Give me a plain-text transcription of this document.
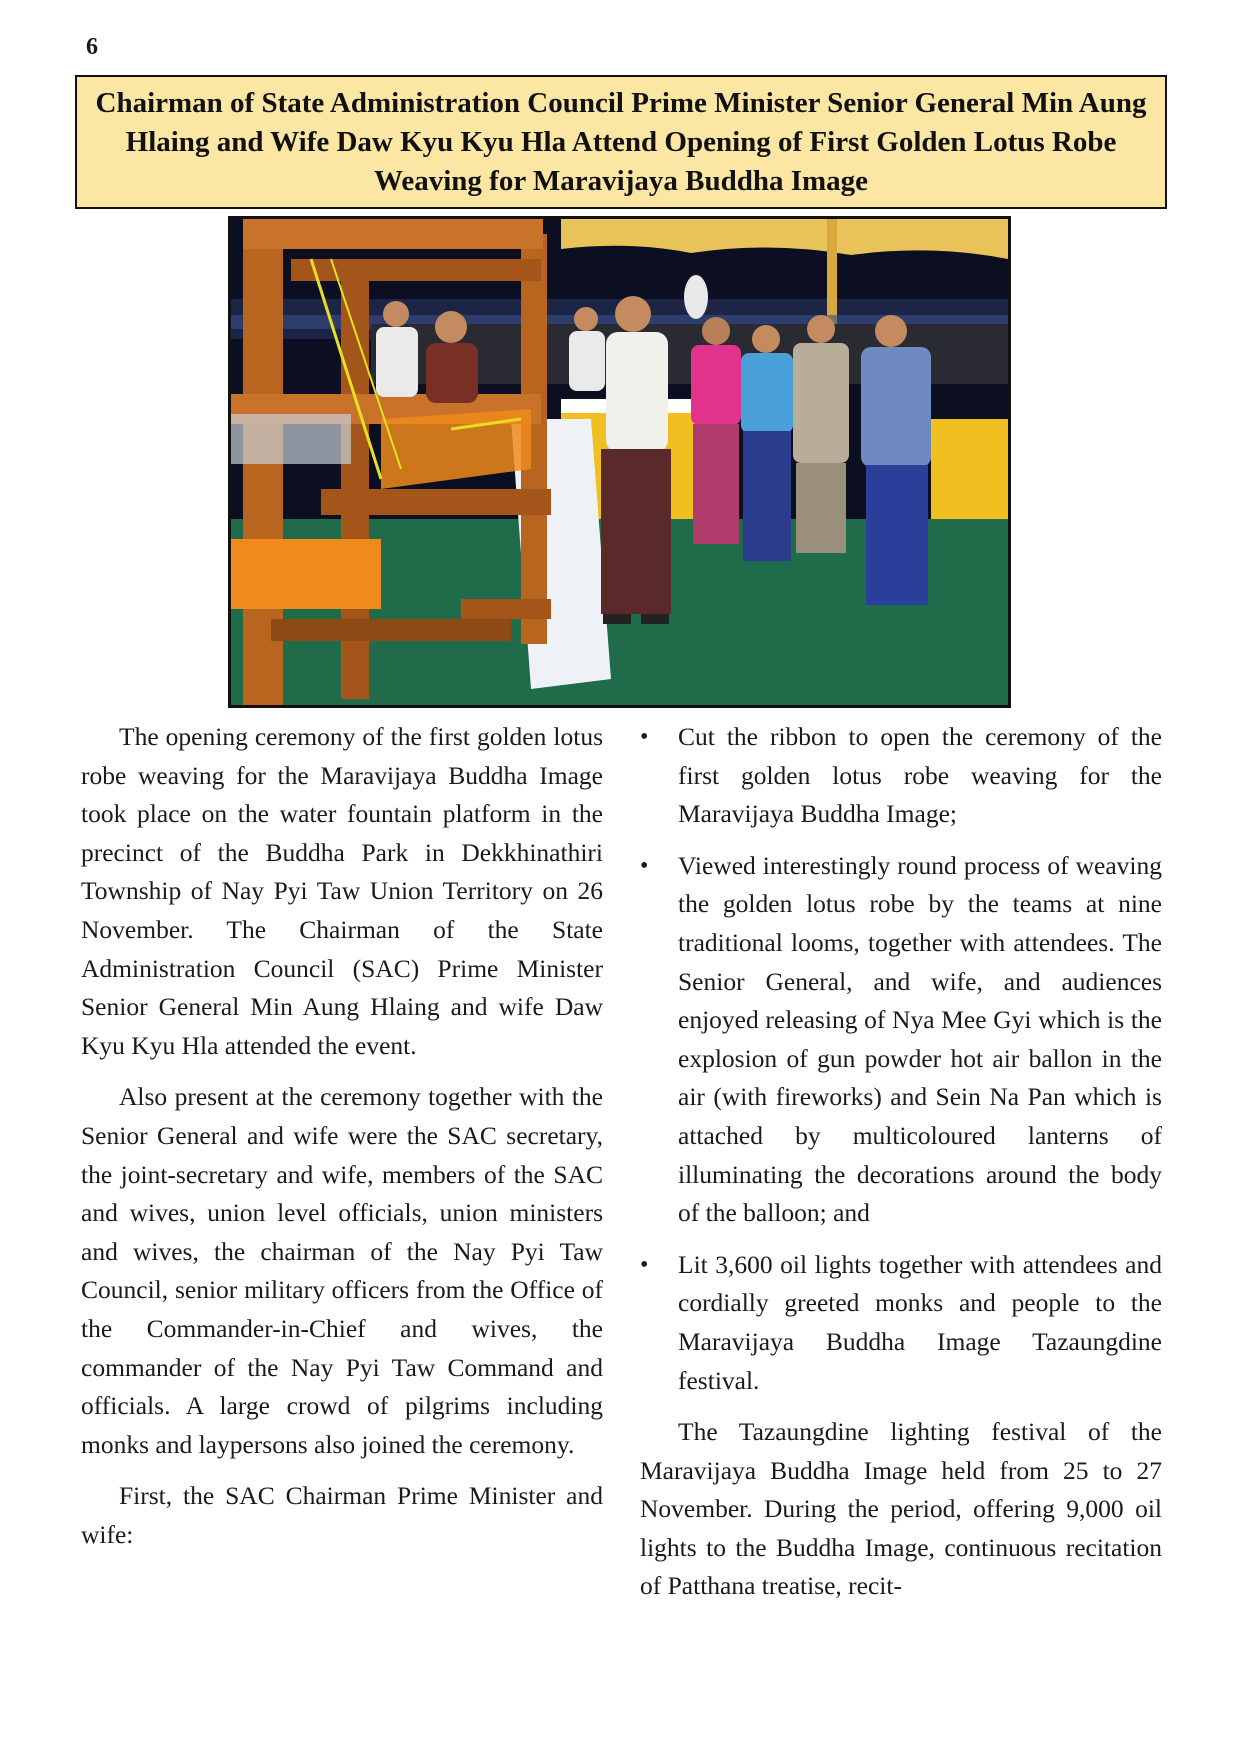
6
Chairman of State Administration Council Prime Minister Senior General Min Aung Hlaing and Wife Daw Kyu Kyu Hla Attend Opening of First Golden Lotus Robe Weaving for Maravijaya Buddha Image

The opening ceremony of the first golden lotus robe weaving for the Maravijaya Buddha Image took place on the water fountain platform in the precinct of the Buddha Park in Dekkhinathiri Township of Nay Pyi Taw Union Territory on 26 November. The Chairman of the State Administration Council (SAC) Prime Minister Senior General Min Aung Hlaing and wife Daw Kyu Kyu Hla attended the event.

Also present at the ceremony together with the Senior General and wife were the SAC secretary, the joint-secretary and wife, members of the SAC and wives, union level officials, union ministers and wives, the chairman of the Nay Pyi Taw Council, senior military officers from the Office of the Commander-in-Chief and wives, the commander of the Nay Pyi Taw Command and officials. A large crowd of pilgrims including monks and laypersons also joined the ceremony.

First, the SAC Chairman Prime Minister and wife:

• Cut the ribbon to open the ceremony of the first golden lotus robe weaving for the Maravijaya Buddha Image;
• Viewed interestingly round process of weaving the golden lotus robe by the teams at nine traditional looms, together with attendees. The Senior General, and wife, and audiences enjoyed releasing of Nya Mee Gyi which is the explosion of gun powder hot air ballon in the air (with fireworks) and Sein Na Pan which is attached by multicoloured lanterns of illuminating the decorations around the body of the balloon; and
• Lit 3,600 oil lights together with attendees and cordially greeted monks and people to the Maravijaya Buddha Image Tazaungdine festival.

The Tazaungdine lighting festival of the Maravijaya Buddha Image held from 25 to 27 November. During the period, offering 9,000 oil lights to the Buddha Image, continuous recitation of Patthana treatise, recit-
